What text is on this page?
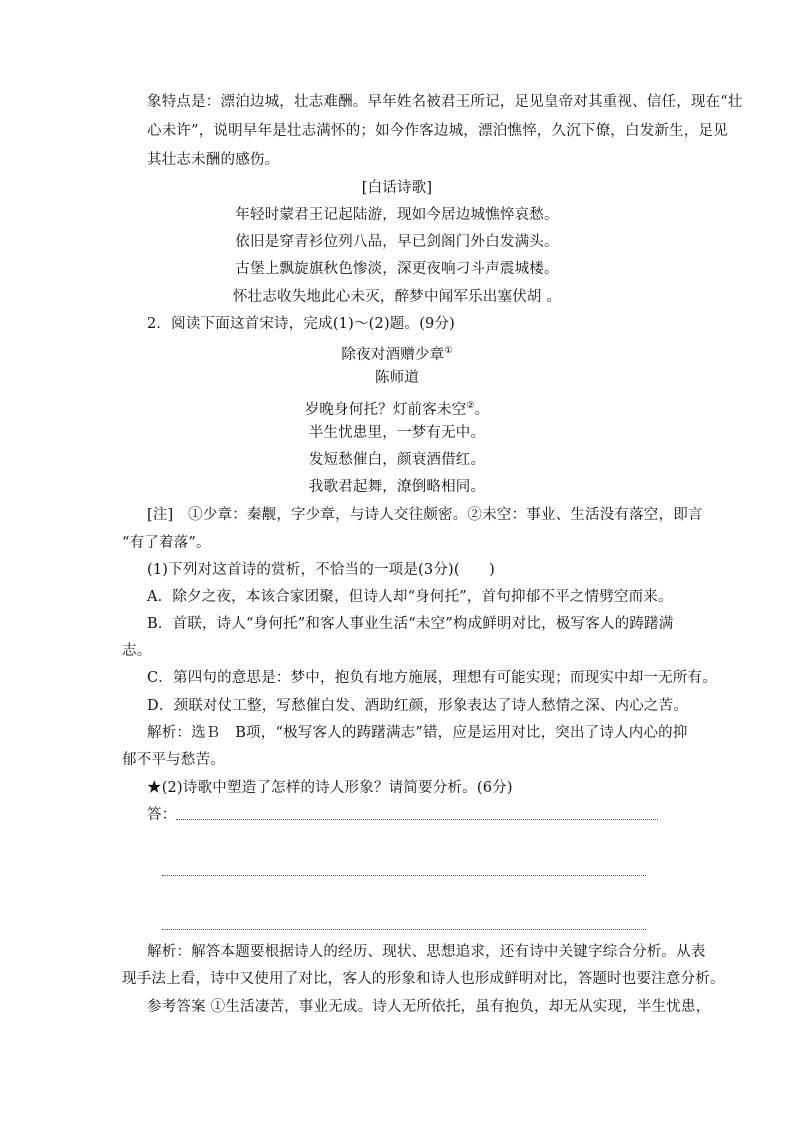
象特点是：漂泊边城，壮志难酬。早年姓名被君王所记，足见皇帝对其重视、信任，现在“壮
心未许”，说明早年是壮志满怀的；如今作客边城，漂泊憔悴，久沉下僚，白发新生，足见
其壮志未酬的感伤。
[白话诗歌]
年轻时蒙君王记起陆游，现如今居边城憔悴哀愁。
依旧是穿青衫位列八品，早已剑阁门外白发满头。
古堡上飘旋旗秋色惨淡，深更夜响刁斗声震城楼。
怀壮志收失地此心未灭，醉梦中闻军乐出塞伏胡 。
2．阅读下面这首宋诗，完成(1)～(2)题。(9分)
除夜对酒赠少章①
陈师道
岁晚身何托？灯前客未空②。
半生忧患里，一梦有无中。
发短愁催白，颜衰酒借红。
我歌君起舞，潦倒略相同。
[注]　①少章：秦觏，字少章，与诗人交往颇密。②未空：事业、生活没有落空，即言
“有了着落”。
(1)下列对这首诗的赏析，不恰当的一项是(3分)(　　)
A．除夕之夜，本该合家团聚，但诗人却“身何托”，首句抑郁不平之情劈空而来。
B．首联，诗人“身何托”和客人事业生活“未空”构成鲜明对比，极写客人的踌躇满
志。
C．第四句的意思是：梦中，抱负有地方施展，理想有可能实现；而现实中却一无所有。
D．颈联对仗工整，写愁催白发、酒助红颜，形象表达了诗人愁情之深、内心之苦。
解析：选Ｂ　B项，“极写客人的踌躇满志”错，应是运用对比，突出了诗人内心的抑
郁不平与愁苦。
★(2)诗歌中塑造了怎样的诗人形象？请简要分析。(6分)
答：
解析：解答本题要根据诗人的经历、现状、思想追求，还有诗中关键字综合分析。从表
现手法上看，诗中又使用了对比，客人的形象和诗人也形成鲜明对比，答题时也要注意分析。
参考答案 ①生活凄苦，事业无成。诗人无所依托，虽有抱负，却无从实现，半生忧患，
